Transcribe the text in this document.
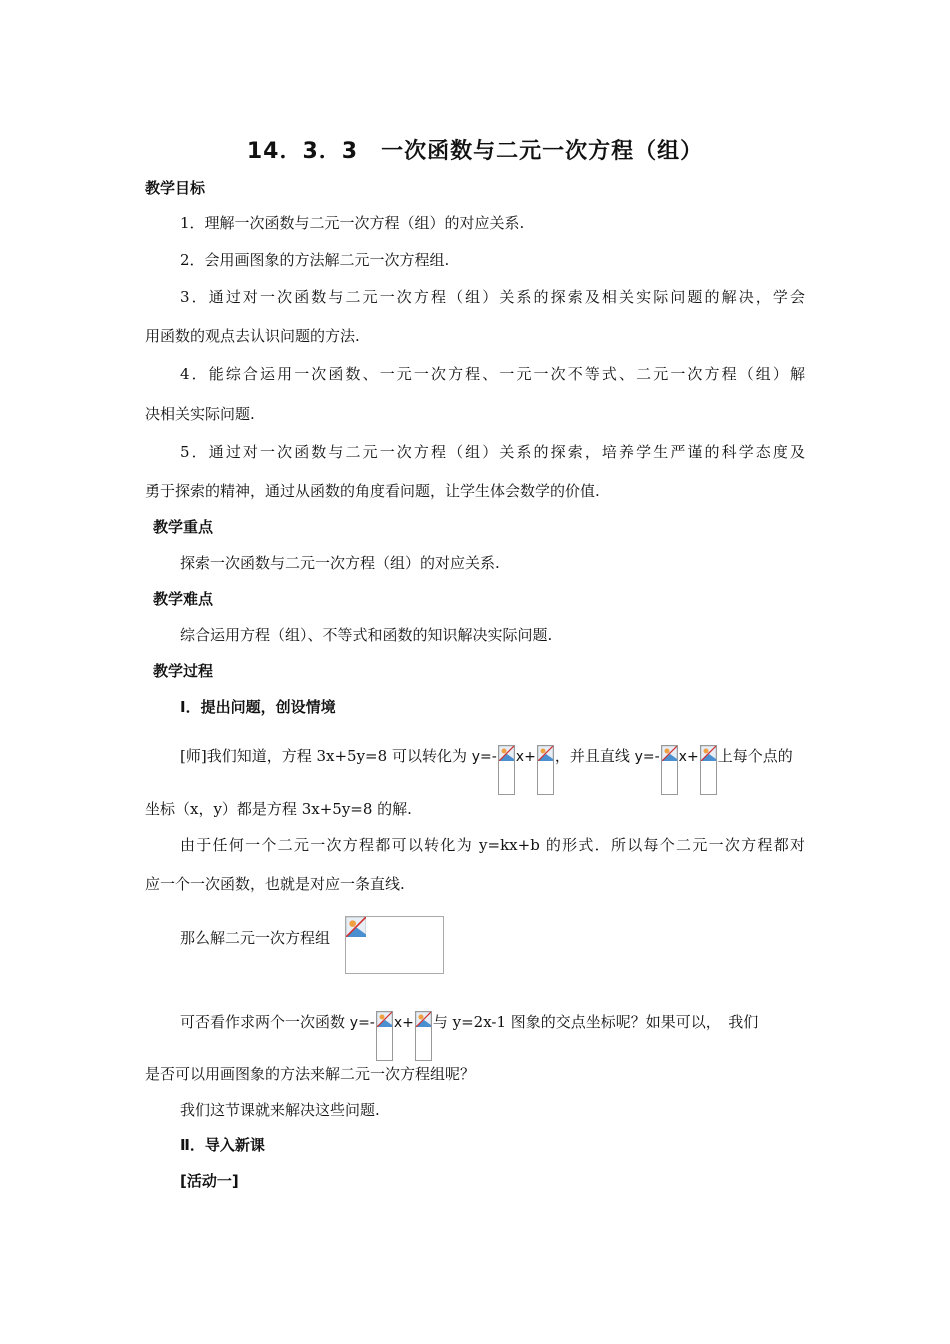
14．3．3　一次函数与二元一次方程（组）
教学目标
1．理解一次函数与二元一次方程（组）的对应关系.
2．会用画图象的方法解二元一次方程组.
3．通过对一次函数与二元一次方程（组）关系的探索及相关实际问题的解决，学会
用函数的观点去认识问题的方法.
4．能综合运用一次函数、一元一次方程、一元一次不等式、二元一次方程（组）解
决相关实际问题.
5．通过对一次函数与二元一次方程（组）关系的探索，培养学生严谨的科学态度及
勇于探索的精神，通过从函数的角度看问题，让学生体会数学的价值.
教学重点
探索一次函数与二元一次方程（组）的对应关系.
教学难点
综合运用方程（组）、不等式和函数的知识解决实际问题.
教学过程
Ⅰ．提出问题，创设情境
[师]我们知道，方程 3x+5y=8 可以转化为 y=- x+ ，并且直线 y=- x+ 上每个点的
坐标（x，y）都是方程 3x+5y=8 的解.
由于任何一个二元一次方程都可以转化为 y=kx+b 的形式．所以每个二元一次方程都对
应一个一次函数，也就是对应一条直线.
那么解二元一次方程组
可否看作求两个一次函数 y=- x+ 与 y=2x-1 图象的交点坐标呢？如果可以，　我们
是否可以用画图象的方法来解二元一次方程组呢？
我们这节课就来解决这些问题.
Ⅱ．导入新课
[活动一]
